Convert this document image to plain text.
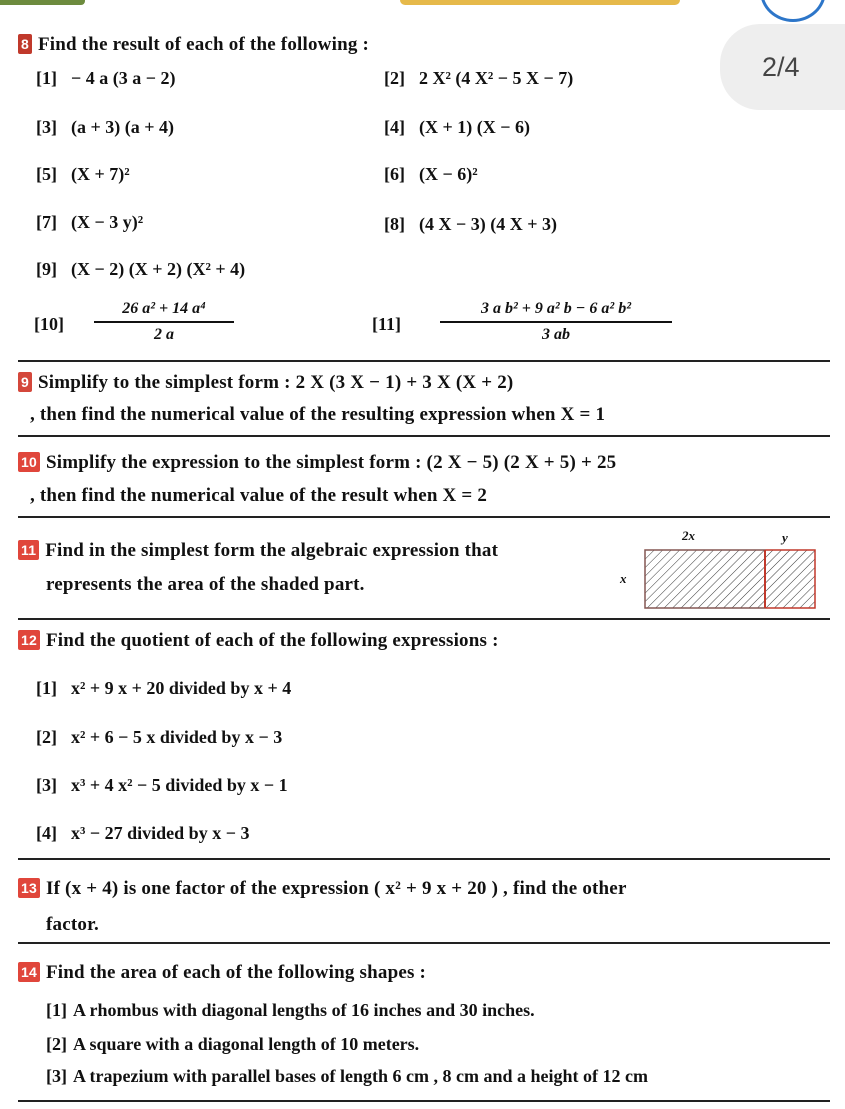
2/4
8 Find the result of each of the following :
[1] − 4 a (3 a − 2)	[2] 2 X² (4 X² − 5 X − 7)
[3] (a + 3) (a + 4)	[4] (X + 1) (X − 6)
[5] (X + 7)²	[6] (X − 6)²
[7] (X − 3 y)²	[8] (4 X − 3) (4 X + 3)
[9] (X − 2) (X + 2) (X² + 4)
[10]
26 a² + 14 a⁴
2 a
[11]
3 a b² + 9 a² b − 6 a² b²
3 ab
9 Simplify to the simplest form : 2 X (3 X − 1) + 3 X (X + 2)
, then find the numerical value of the resulting expression when X = 1
10 Simplify the expression to the simplest form : (2 X − 5) (2 X + 5) + 25
, then find the numerical value of the result when X = 2
11 Find in the simplest form the algebraic expression that
represents the area of the shaded part.
2x	y
x
12 Find the quotient of each of the following expressions :
[1] x² + 9 x + 20 divided by x + 4
[2] x² + 6 − 5 x divided by x − 3
[3] x³ + 4 x² − 5 divided by x − 1
[4] x³ − 27 divided by x − 3
13 If (x + 4) is one factor of the expression ( x² + 9 x + 20 ) , find the other
factor.
14 Find the area of each of the following shapes :
[1] A rhombus with diagonal lengths of 16 inches and 30 inches.
[2] A square with a diagonal length of 10 meters.
[3] A trapezium with parallel bases of length 6 cm , 8 cm and a height of 12 cm
